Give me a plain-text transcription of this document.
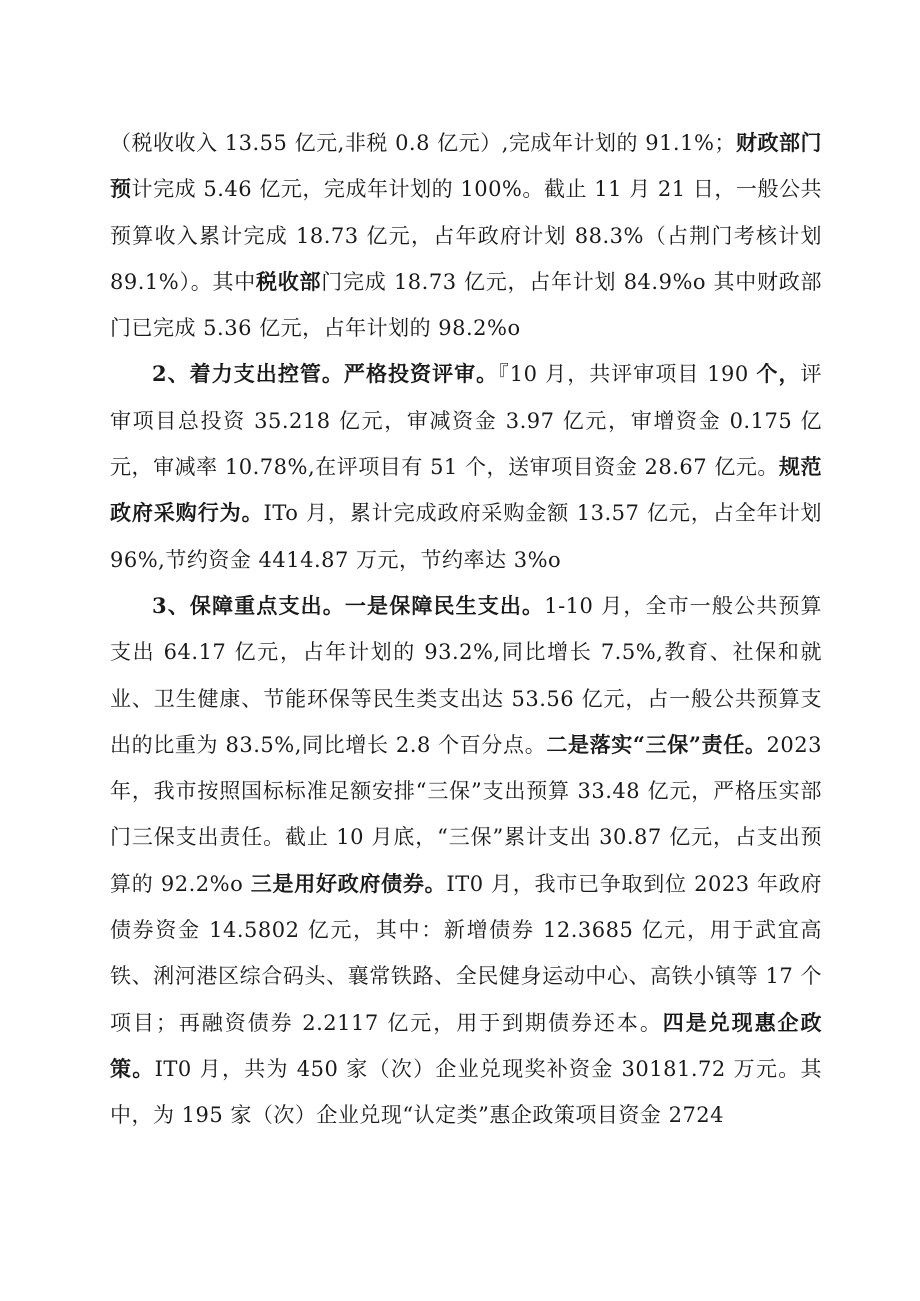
（税收收入 13.55 亿元,非税 0.8 亿元）,完成年计划的 91.1%；财政部门预计完成 5.46 亿元，完成年计划的 100%。截止 11 月 21 日，一般公共预算收入累计完成 18.73 亿元，占年政府计划 88.3%（占荆门考核计划 89.1%）。其中税收部门完成 18.73 亿元，占年计划 84.9%o 其中财政部门已完成 5.36 亿元，占年计划的 98.2%o

2、着力支出控管。严格投资评审。『10 月，共评审项目 190 个，评审项目总投资 35.218 亿元，审减资金 3.97 亿元，审增资金 0.175 亿元，审减率 10.78%,在评项目有 51 个，送审项目资金 28.67 亿元。规范政府采购行为。ITo 月，累计完成政府采购金额 13.57 亿元，占全年计划 96%,节约资金 4414.87 万元，节约率达 3%o

3、保障重点支出。一是保障民生支出。1-10 月，全市一般公共预算支出 64.17 亿元，占年计划的 93.2%,同比增长 7.5%,教育、社保和就业、卫生健康、节能环保等民生类支出达 53.56 亿元，占一般公共预算支出的比重为 83.5%,同比增长 2.8 个百分点。二是落实“三保”责任。2023 年，我市按照国标标准足额安排“三保”支出预算 33.48 亿元，严格压实部门三保支出责任。截止 10 月底，“三保”累计支出 30.87 亿元，占支出预算的 92.2%o 三是用好政府债券。IT0 月，我市已争取到位 2023 年政府债券资金 14.5802 亿元，其中：新增债券 12.3685 亿元，用于武宜高铁、浰河港区综合码头、襄常铁路、全民健身运动中心、高铁小镇等 17 个项目；再融资债券 2.2117 亿元，用于到期债券还本。四是兑现惠企政策。IT0 月，共为 450 家（次）企业兑现奖补资金 30181.72 万元。其中，为 195 家（次）企业兑现“认定类”惠企政策项目资金 2724
